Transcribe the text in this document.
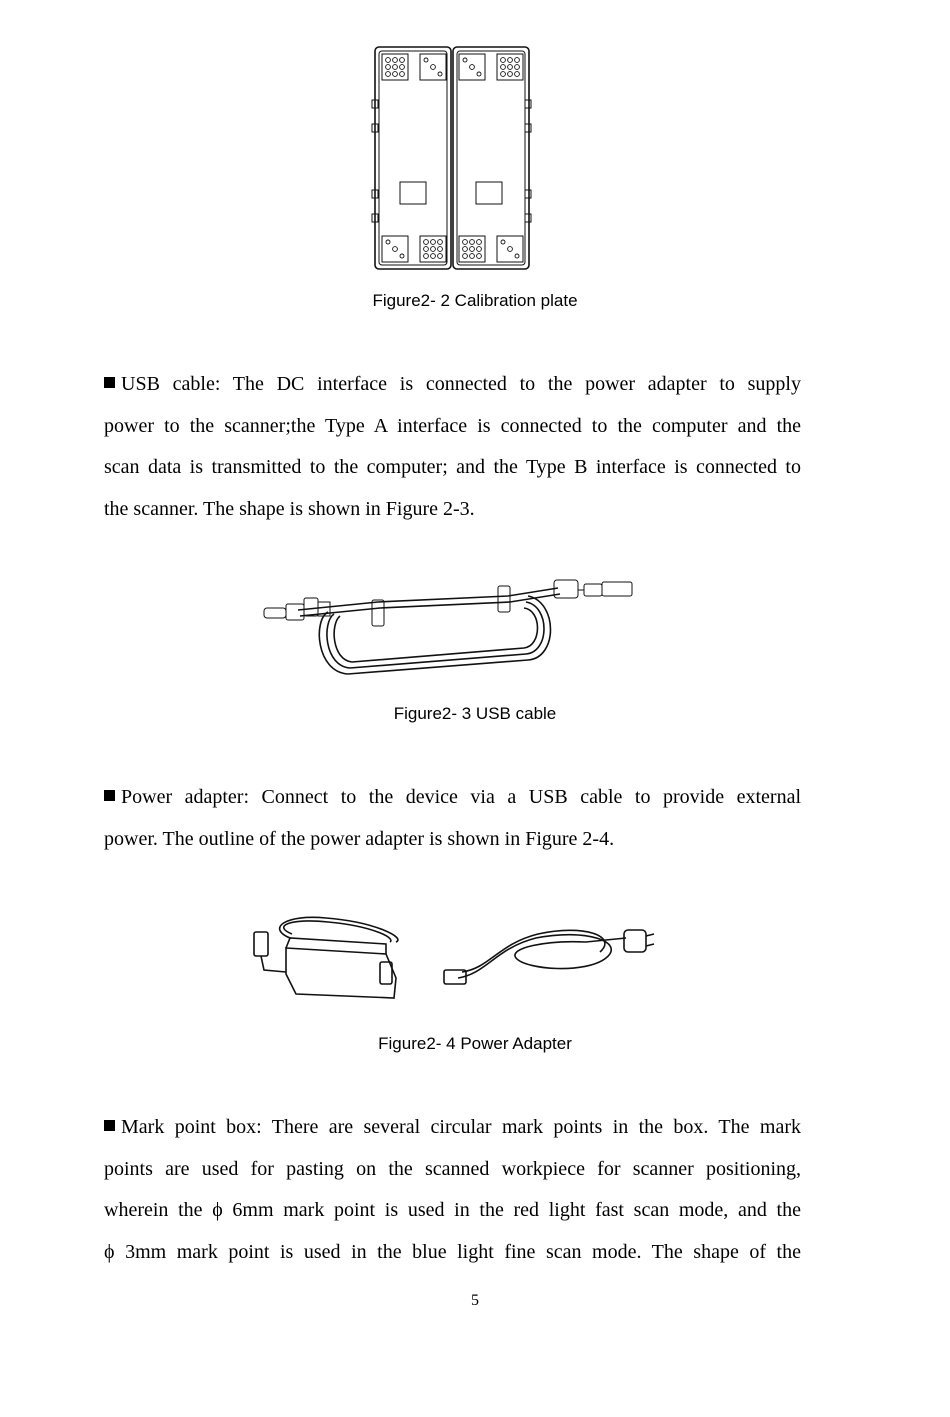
Figure2- 2 Calibration plate
USB cable: The DC interface is connected to the power adapter to supply
power to the scanner;the Type A interface is connected to the computer and the
scan data is transmitted to the computer; and the Type B interface is connected to
the scanner. The shape is shown in Figure 2-3.
Figure2- 3 USB cable
Power adapter: Connect to the device via a USB cable to provide external
power. The outline of the power adapter is shown in Figure 2-4.
Figure2- 4 Power Adapter
Mark point box: There are several circular mark points in the box. The mark
points are used for pasting on the scanned workpiece for scanner positioning,
wherein the ϕ 6mm mark point is used in the red light fast scan mode, and the
ϕ 3mm mark point is used in the blue light fine scan mode. The shape of the
5
